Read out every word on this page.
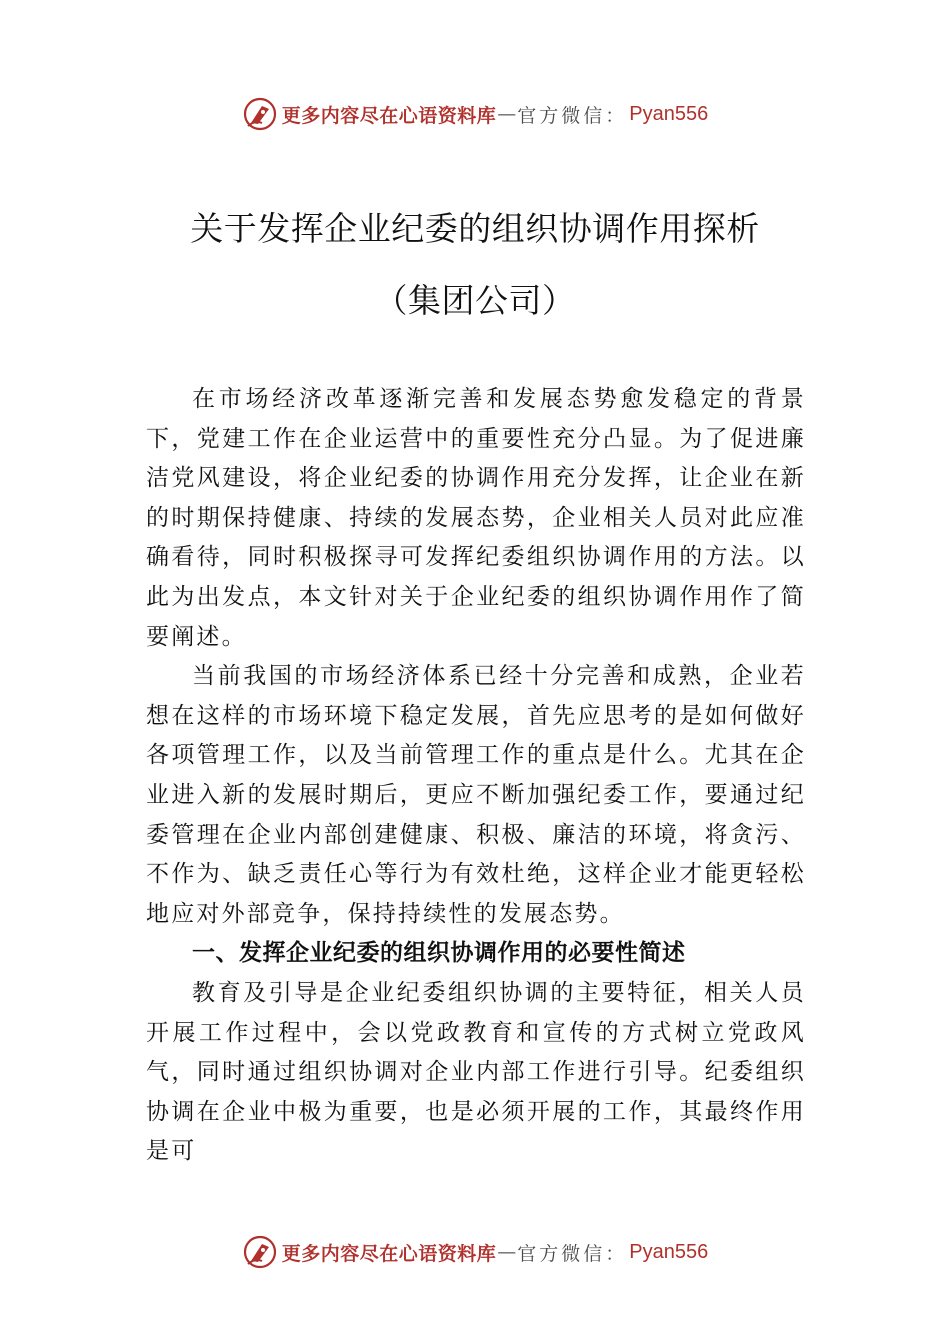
更多内容尽在心语资料库 — 官方微信： Pyan556
关于发挥企业纪委的组织协调作用探析
（集团公司）

在市场经济改革逐渐完善和发展态势愈发稳定的背景下，党建工作在企业运营中的重要性充分凸显。为了促进廉洁党风建设，将企业纪委的协调作用充分发挥，让企业在新的时期保持健康、持续的发展态势，企业相关人员对此应准确看待，同时积极探寻可发挥纪委组织协调作用的方法。以此为出发点，本文针对关于企业纪委的组织协调作用作了简要阐述。

当前我国的市场经济体系已经十分完善和成熟，企业若想在这样的市场环境下稳定发展，首先应思考的是如何做好各项管理工作，以及当前管理工作的重点是什么。尤其在企业进入新的发展时期后，更应不断加强纪委工作，要通过纪委管理在企业内部创建健康、积极、廉洁的环境，将贪污、 不作为、缺乏责任心等行为有效杜绝，这样企业才能更轻松地应对外部竞争，保持持续性的发展态势。

一、发挥企业纪委的组织协调作用的必要性简述

教育及引导是企业纪委组织协调的主要特征，相关人员开展工作过程中，会以党政教育和宣传的方式树立党政风气，同时通过组织协调对企业内部工作进行引导。纪委组织协调在企业中极为重要，也是必须开展的工作，其最终作用是可

更多内容尽在心语资料库 — 官方微信： Pyan556
